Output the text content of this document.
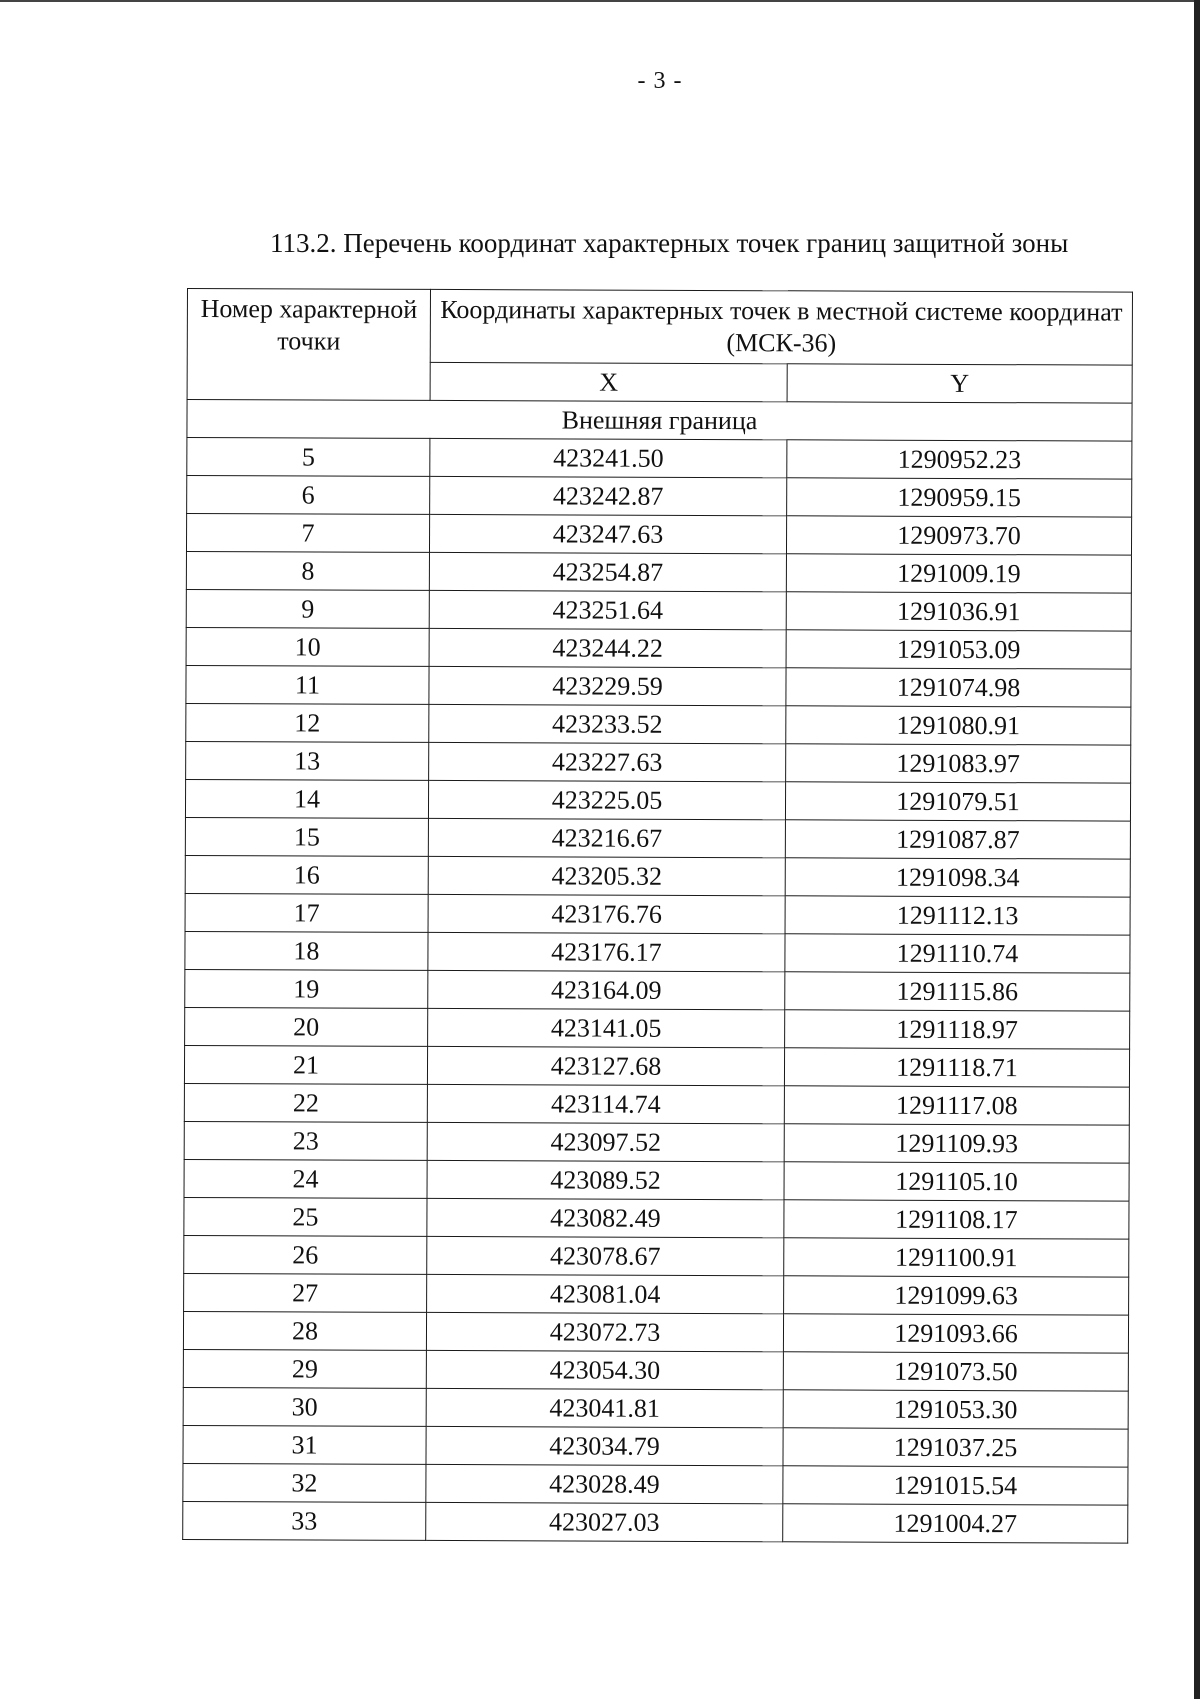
- 3 -
113.2. Перечень координат характерных точек границ защитной зоны
Номер характерной точки	Координаты характерных точек в местной системе координат (МСК-36)	
	X	Y
Внешняя граница		
5	423241.50	1290952.23
6	423242.87	1290959.15
7	423247.63	1290973.70
8	423254.87	1291009.19
9	423251.64	1291036.91
10	423244.22	1291053.09
11	423229.59	1291074.98
12	423233.52	1291080.91
13	423227.63	1291083.97
14	423225.05	1291079.51
15	423216.67	1291087.87
16	423205.32	1291098.34
17	423176.76	1291112.13
18	423176.17	1291110.74
19	423164.09	1291115.86
20	423141.05	1291118.97
21	423127.68	1291118.71
22	423114.74	1291117.08
23	423097.52	1291109.93
24	423089.52	1291105.10
25	423082.49	1291108.17
26	423078.67	1291100.91
27	423081.04	1291099.63
28	423072.73	1291093.66
29	423054.30	1291073.50
30	423041.81	1291053.30
31	423034.79	1291037.25
32	423028.49	1291015.54
33	423027.03	1291004.27
